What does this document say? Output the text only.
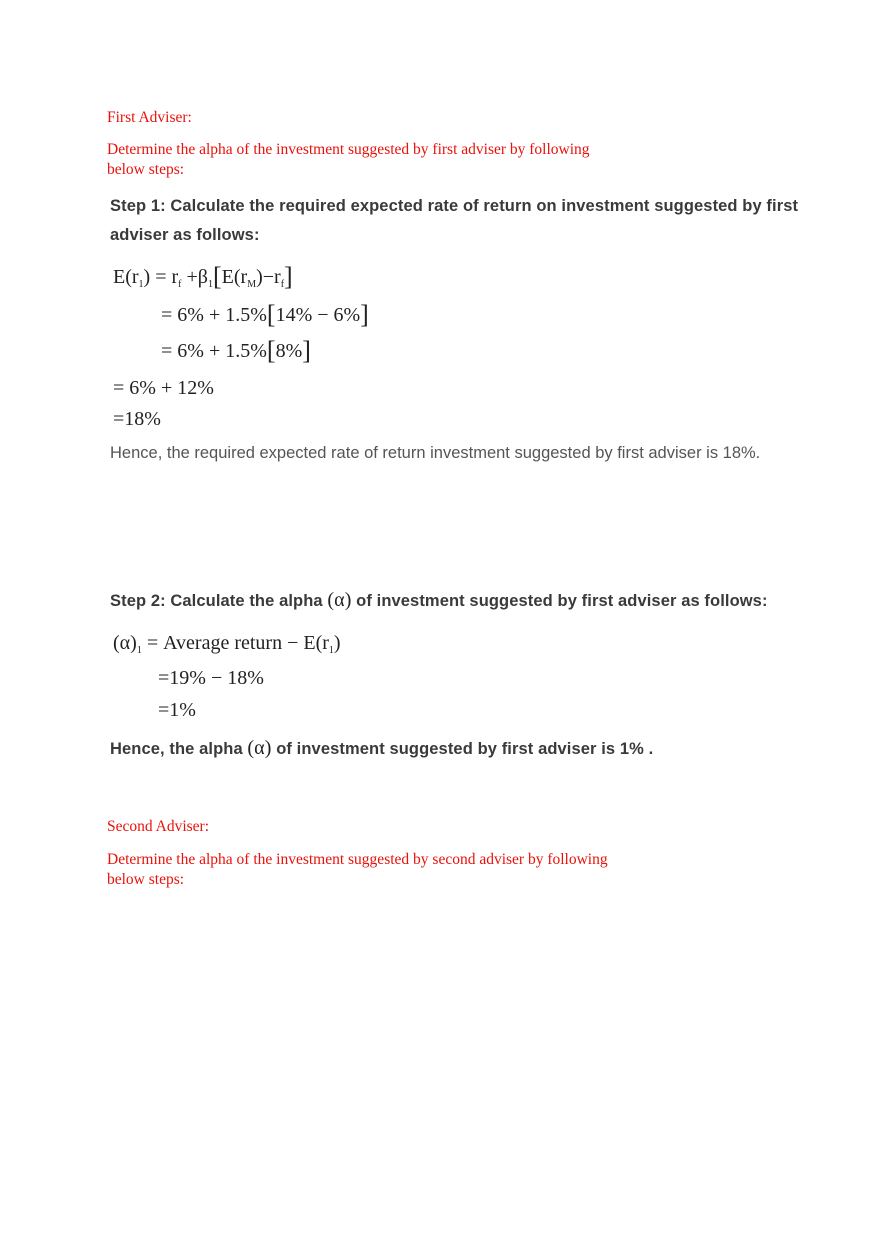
First Adviser:

Determine the alpha of the investment suggested by first adviser by following

below steps:

Step 1: Calculate the required expected rate of return on investment suggested by first

adviser as follows:

$E(r_1) = r_f +\beta_1[E(r_M)-r_f]$

= 6% + 1.5%[14% − 6%]

= 6% + 1.5%[8%]

= 6% + 12%

=18%

Hence, the required expected rate of return investment suggested by first adviser is 18%.

Step 2: Calculate the alpha (α) of investment suggested by first adviser as follows:

$(\alpha)_1$ = Average return − $E(r_1)$

=19% − 18%

=1%

Hence, the alpha (α) of investment suggested by first adviser is 1% .

Second Adviser:

Determine the alpha of the investment suggested by second adviser by following

below steps:
